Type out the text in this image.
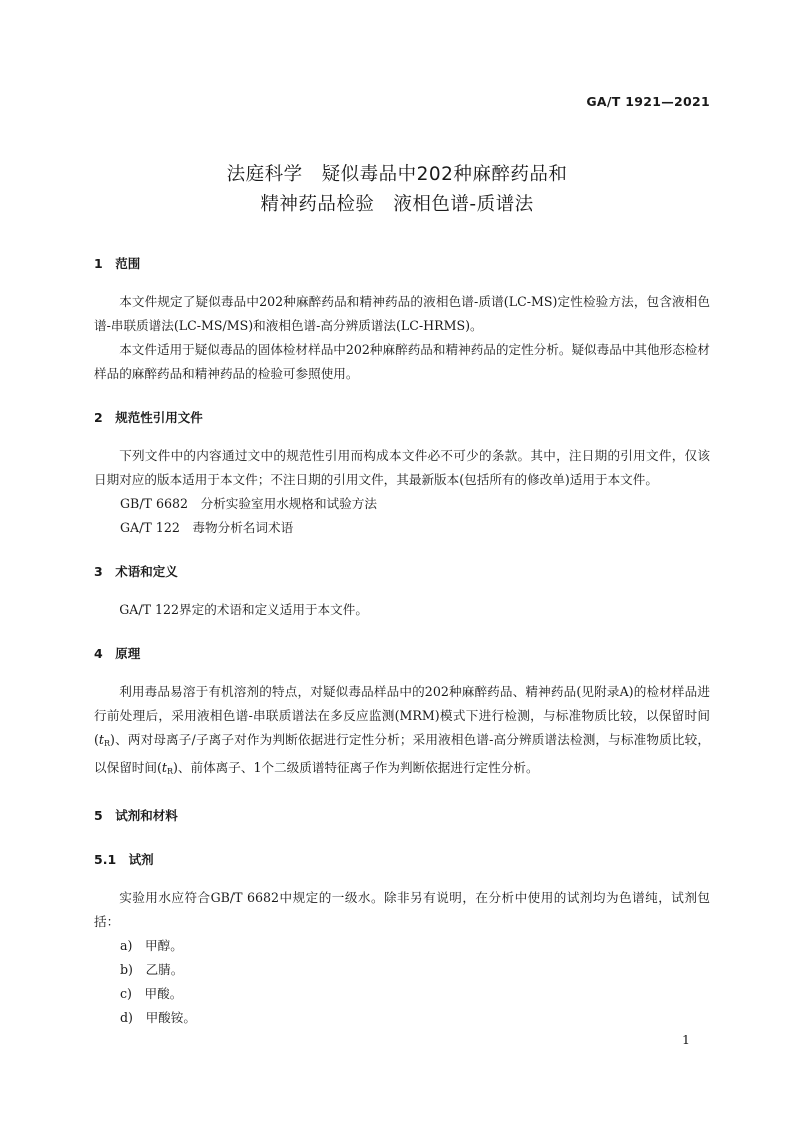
GA/T 1921—2021
法庭科学　疑似毒品中202种麻醉药品和
精神药品检验　液相色谱-质谱法

1　范围

本文件规定了疑似毒品中202种麻醉药品和精神药品的液相色谱-质谱(LC-MS)定性检验方法，包含液相色谱-串联质谱法(LC-MS/MS)和液相色谱-高分辨质谱法(LC-HRMS)。

本文件适用于疑似毒品的固体检材样品中202种麻醉药品和精神药品的定性分析。疑似毒品中其他形态检材样品的麻醉药品和精神药品的检验可参照使用。

2　规范性引用文件

下列文件中的内容通过文中的规范性引用而构成本文件必不可少的条款。其中，注日期的引用文件，仅该日期对应的版本适用于本文件；不注日期的引用文件，其最新版本(包括所有的修改单)适用于本文件。

GB/T 6682　分析实验室用水规格和试验方法

GA/T 122　毒物分析名词术语

3　术语和定义

GA/T 122界定的术语和定义适用于本文件。

4　原理

利用毒品易溶于有机溶剂的特点，对疑似毒品样品中的202种麻醉药品、精神药品(见附录A)的检材样品进行前处理后，采用液相色谱-串联质谱法在多反应监测(MRM)模式下进行检测，与标准物质比较，以保留时间$(t_R)$、两对母离子/子离子对作为判断依据进行定性分析；采用液相色谱-高分辨质谱法检测，与标准物质比较，以保留时间$(t_R)$、前体离子、1个二级质谱特征离子作为判断依据进行定性分析。

5　试剂和材料

5.1　试剂

实验用水应符合GB/T 6682中规定的一级水。除非另有说明，在分析中使用的试剂均为色谱纯，试剂包括：

a)　甲醇。

b)　乙腈。

c)　甲酸。

d)　甲酸铵。

1
